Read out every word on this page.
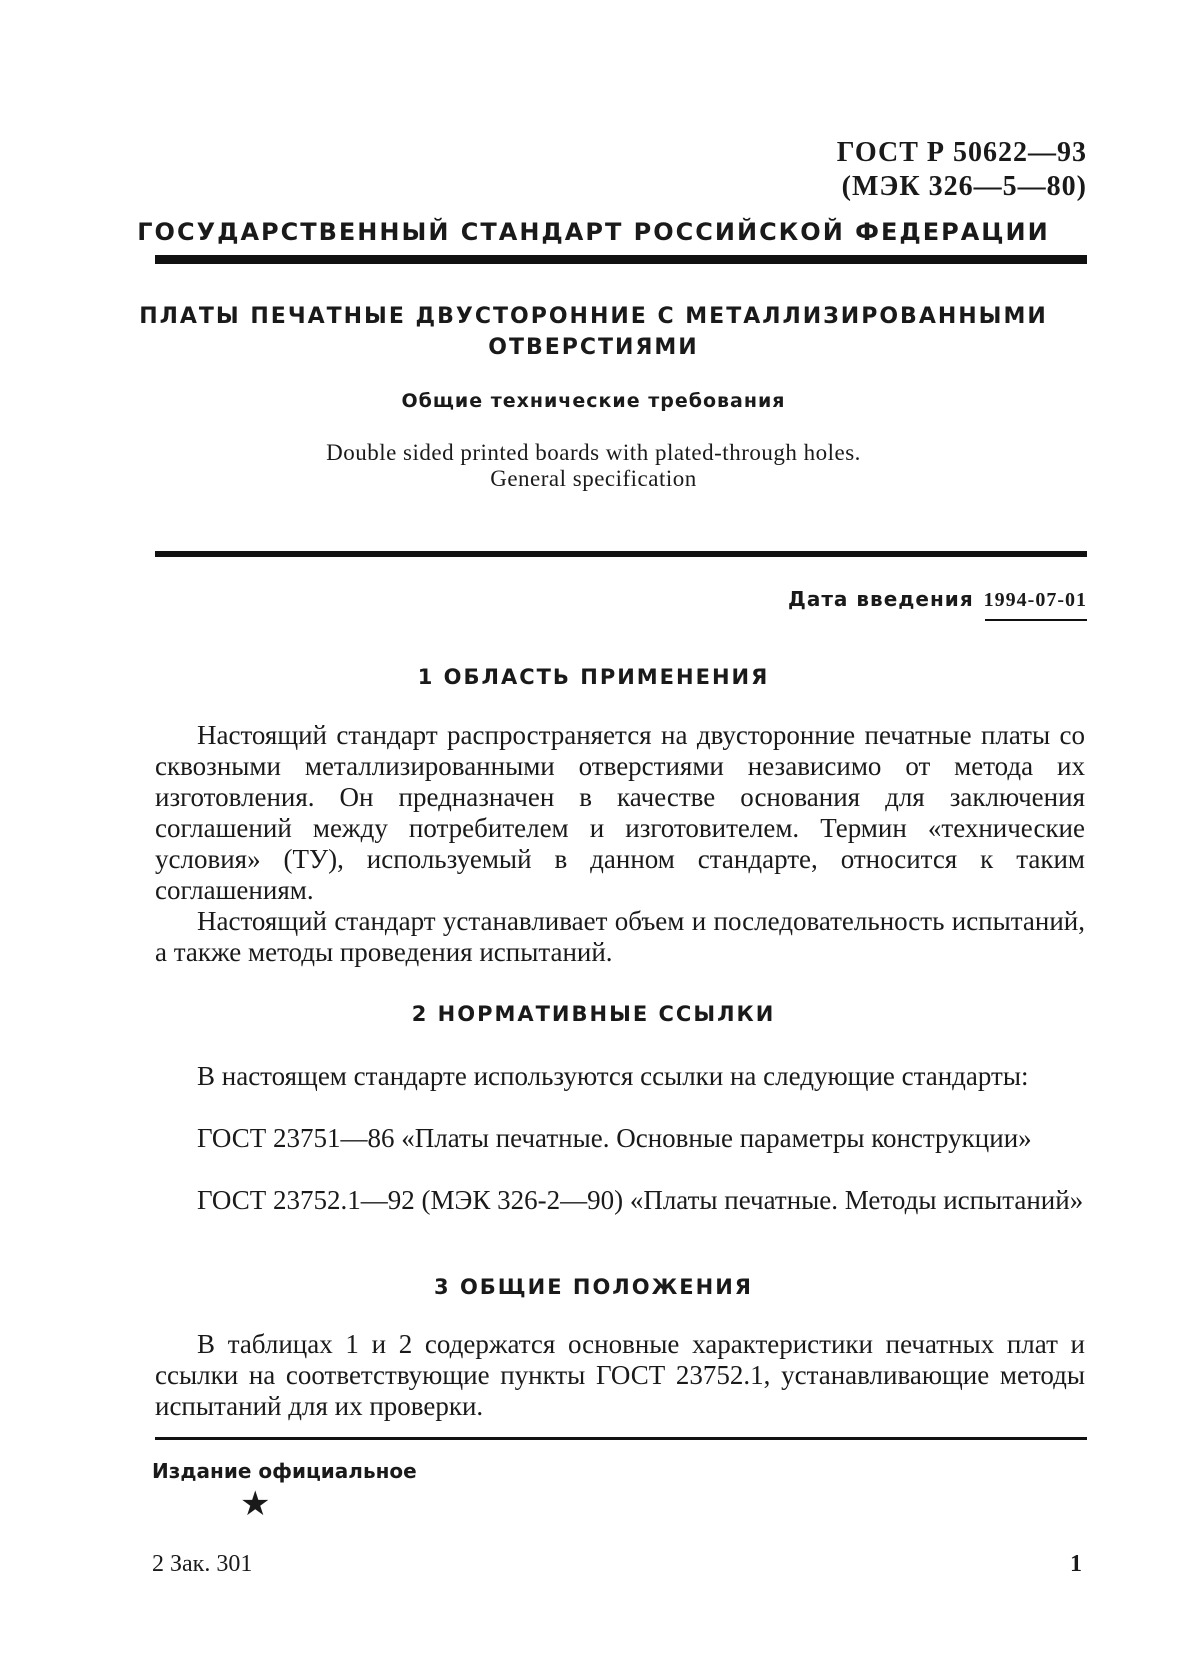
ГОСТ Р 50622—93
(МЭК 326—5—80)
ГОСУДАРСТВЕННЫЙ СТАНДАРТ РОССИЙСКОЙ ФЕДЕРАЦИИ
ПЛАТЫ ПЕЧАТНЫЕ ДВУСТОРОННИЕ С МЕТАЛЛИЗИРОВАННЫМИ
ОТВЕРСТИЯМИ
Общие технические требования
Double sided printed boards with plated-through holes.
General specification
Дата введения 1994-07-01
1 ОБЛАСТЬ ПРИМЕНЕНИЯ
Настоящий стандарт распространяется на двусторонние печатные платы со сквозными металлизированными отверстиями независимо от метода их изготовления. Он предназначен в качестве основания для заключения соглашений между потребителем и изготовителем. Термин «технические условия» (ТУ), используемый в данном стандарте, относится к таким соглашениям.
Настоящий стандарт устанавливает объем и последовательность испытаний, а также методы проведения испытаний.
2 НОРМАТИВНЫЕ ССЫЛКИ
В настоящем стандарте используются ссылки на следующие стандарты:
ГОСТ 23751—86 «Платы печатные. Основные параметры конструкции»
ГОСТ 23752.1—92 (МЭК 326-2—90) «Платы печатные. Методы испытаний»
3 ОБЩИЕ ПОЛОЖЕНИЯ
В таблицах 1 и 2 содержатся основные характеристики печатных плат и ссылки на соответствующие пункты ГОСТ 23752.1, устанавливающие методы испытаний для их проверки.
Издание официальное
★
2 Зак. 301	1
